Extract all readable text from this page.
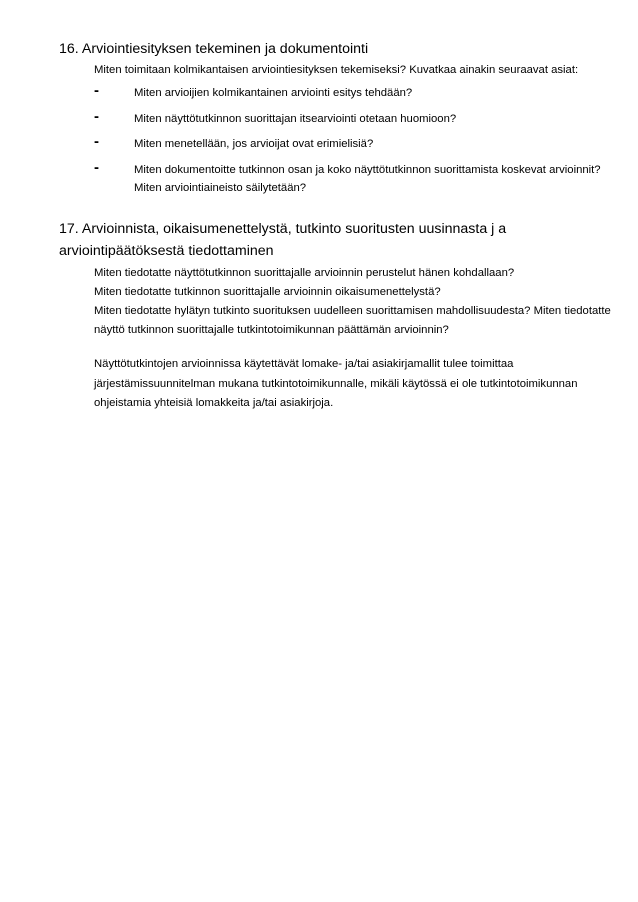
16. Arviointiesityksen tekeminen ja dokumentointi
Miten toimitaan kolmikantaisen arviointiesityksen tekemiseksi? Kuvatkaa ainakin seuraavat asiat:
-	Miten arvioijien kolmikantainen arviointi esitys tehdään?
-	Miten näyttötutkinnon suorittajan itsearviointi otetaan huomioon?
-	Miten menetellään, jos arvioijat ovat erimielisiä?
-	Miten dokumentoitte tutkinnon osan ja koko näyttötutkinnon suorittamista koskevat arvioinnit? Miten arviointiaineisto säilytetään?
17. Arvioinnista, oikaisumenettelystä, tutkinto suoritusten uusinnasta j a arviointipäätöksestä tiedottaminen

Miten tiedotatte näyttötutkinnon suorittajalle arvioinnin perustelut hänen kohdallaan?

Miten tiedotatte tutkinnon suorittajalle arvioinnin oikaisumenettelystä?

Miten tiedotatte hylätyn tutkinto suorituksen uudelleen suorittamisen mahdollisuudesta? Miten tiedotatte näyttö tutkinnon suorittajalle tutkintotoimikunnan päättämän arvioinnin?

Näyttötutkintojen arvioinnissa käytettävät lomake- ja/tai asiakirjamallit tulee toimittaa järjestämissuunnitelman mukana tutkintotoimikunnalle, mikäli käytössä ei ole tutkintotoimikunnan ohjeistamia yhteisiä lomakkeita ja/tai asiakirjoja.
